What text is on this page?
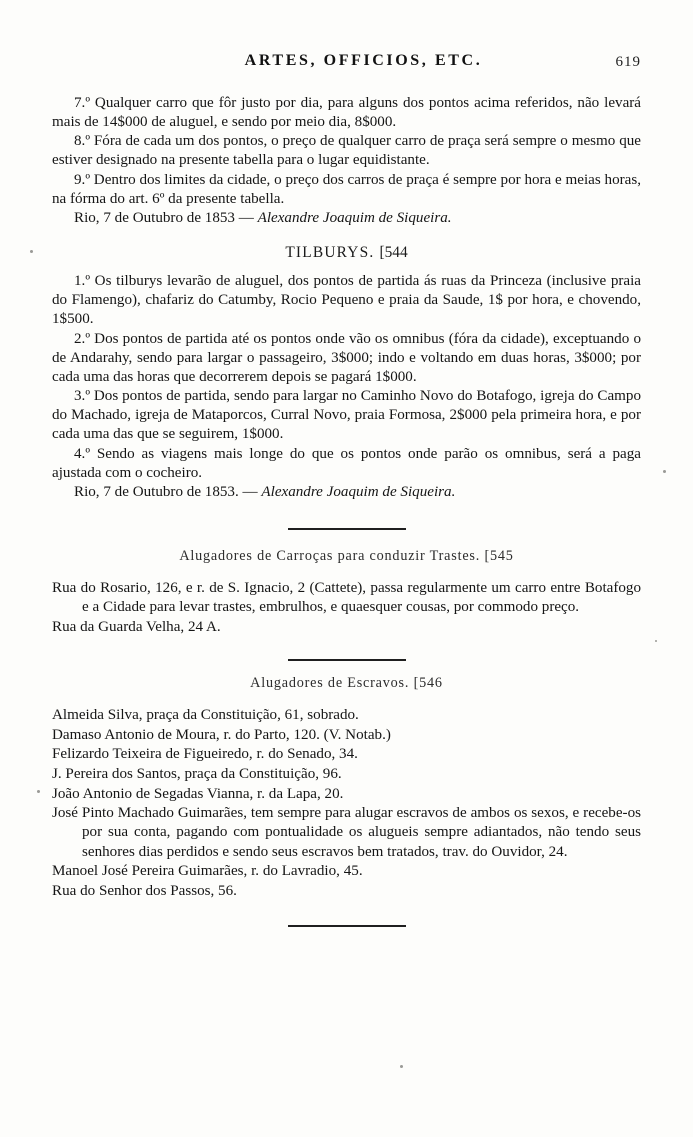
ARTES, OFFICIOS, ETC.	619

7.º Qualquer carro que fôr justo por dia, para alguns dos pontos acima referidos, não levará mais de 14$000 de aluguel, e sendo por meio dia, 8$000.

8.º Fóra de cada um dos pontos, o preço de qualquer carro de praça será sempre o mesmo que estiver designado na presente tabella para o lugar equidistante.

9.º Dentro dos limites da cidade, o preço dos carros de praça é sempre por hora e meias horas, na fórma do art. 6º da presente tabella.

Rio, 7 de Outubro de 1853 — Alexandre Joaquim de Siqueira.

TILBURYS. [544

1.º Os tilburys levarão de aluguel, dos pontos de partida ás ruas da Princeza (inclusive praia do Flamengo), chafariz do Catumby, Rocio Pequeno e praia da Saude, 1$ por hora, e chovendo, 1$500.

2.º Dos pontos de partida até os pontos onde vão os omnibus (fóra da cidade), exceptuando o de Andarahy, sendo para largar o passageiro, 3$000; indo e voltando em duas horas, 3$000; por cada uma das horas que decorrerem depois se pagará 1$000.

3.º Dos pontos de partida, sendo para largar no Caminho Novo do Botafogo, igreja do Campo do Machado, igreja de Mataporcos, Curral Novo, praia Formosa, 2$000 pela primeira hora, e por cada uma das que se seguirem, 1$000.

4.º Sendo as viagens mais longe do que os pontos onde parão os omnibus, será a paga ajustada com o cocheiro.

Rio, 7 de Outubro de 1853. — Alexandre Joaquim de Siqueira.

Alugadores de Carroças para conduzir Trastes. [545

Rua do Rosario, 126, e r. de S. Ignacio, 2 (Cattete), passa regularmente um carro entre Botafogo e a Cidade para levar trastes, embrulhos, e quaesquer cousas, por commodo preço.

Rua da Guarda Velha, 24 A.

Alugadores de Escravos. [546

Almeida Silva, praça da Constituição, 61, sobrado.

Damaso Antonio de Moura, r. do Parto, 120. (V. Notab.)

Felizardo Teixeira de Figueiredo, r. do Senado, 34.

J. Pereira dos Santos, praça da Constituição, 96.

João Antonio de Segadas Vianna, r. da Lapa, 20.

José Pinto Machado Guimarães, tem sempre para alugar escravos de ambos os sexos, e recebe-os por sua conta, pagando com pontualidade os alugueis sempre adiantados, não tendo seus senhores dias perdidos e sendo seus escravos bem tratados, trav. do Ouvidor, 24.

Manoel José Pereira Guimarães, r. do Lavradio, 45.

Rua do Senhor dos Passos, 56.
